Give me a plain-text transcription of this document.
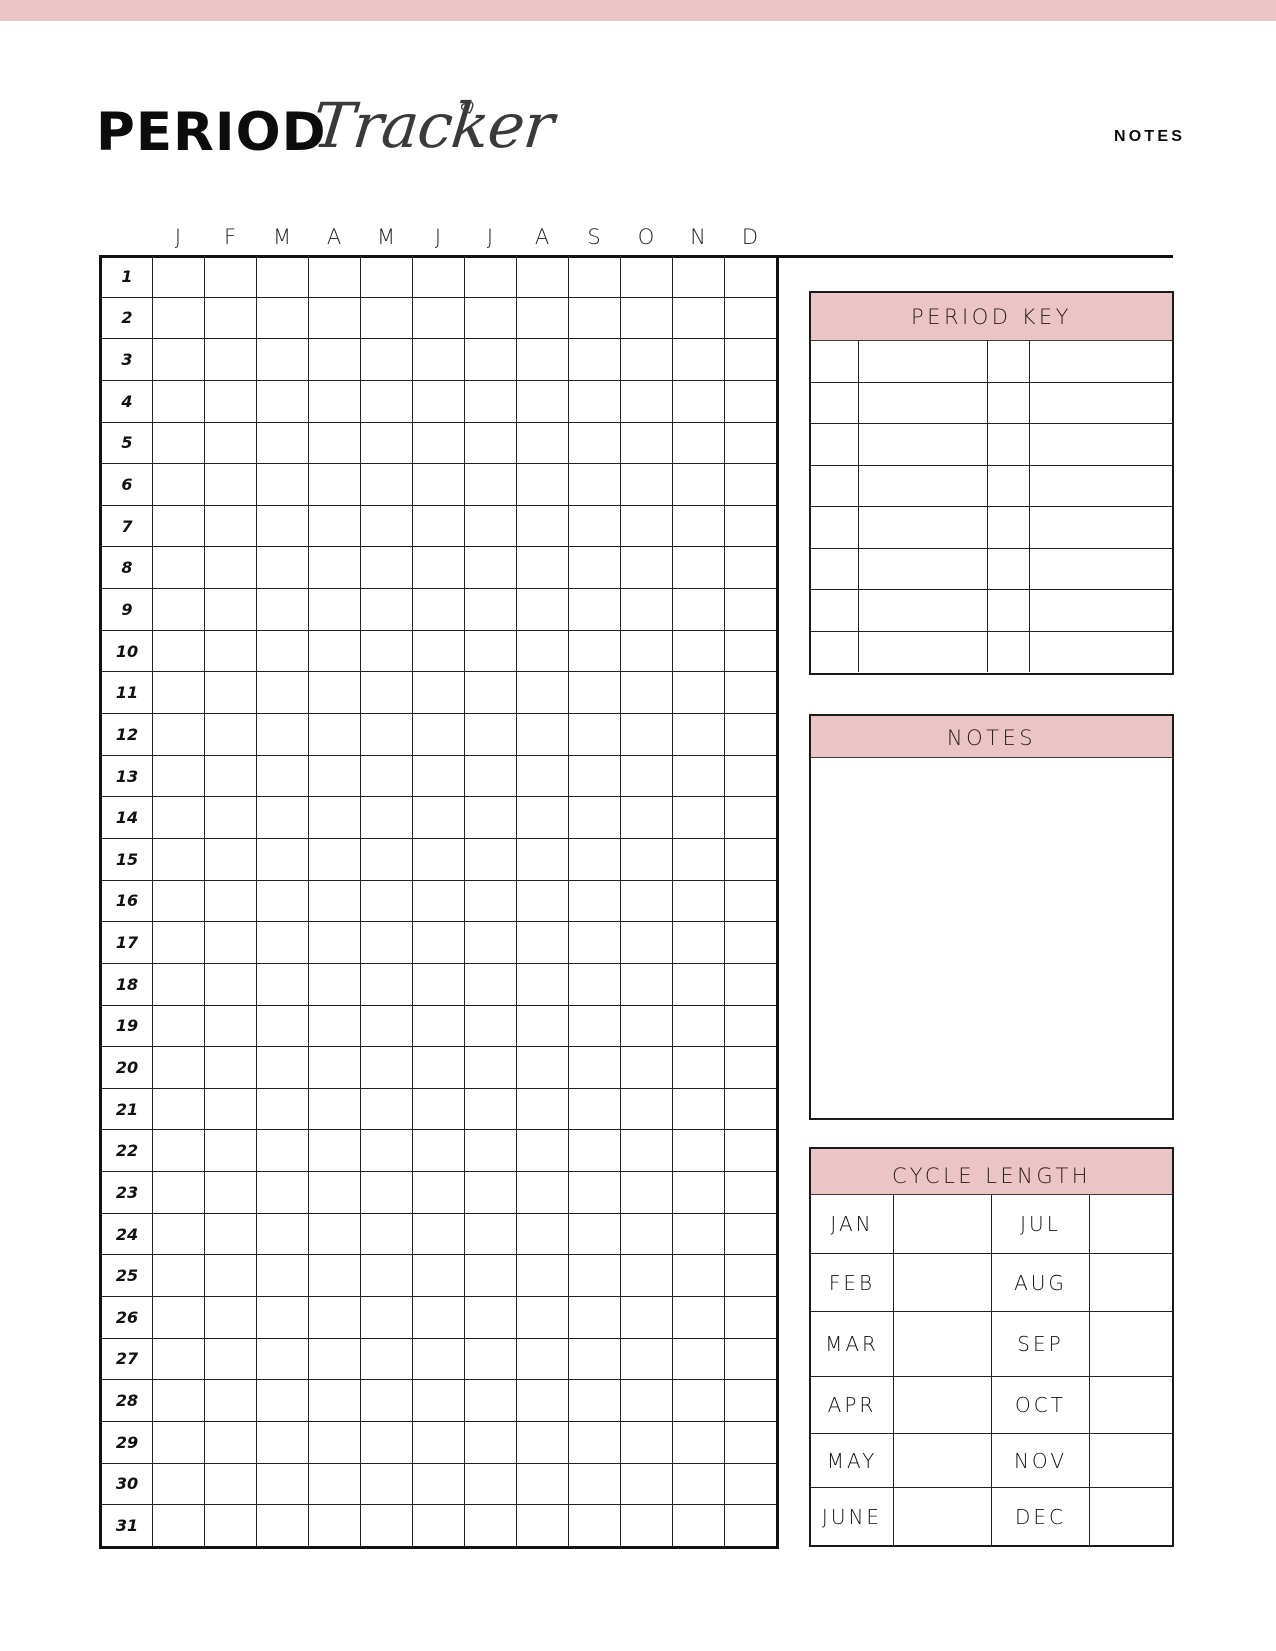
PERIOD
Tracker	NOTES
J	F	M	A	M	J	J	A	S	O	N	D
1												
2												
3												
4												
5												
6												
7												
8												
9												
10												
11												
12												
13												
14												
15												
16												
17												
18												
19												
20												
21												
22												
23												
24												
25												
26												
27												
28												
29												
30												
31												
PERIOD KEY

NOTES
CYCLE LENGTH
JAN		JUL	
FEB		AUG	
MAR		SEP	
APR		OCT	
MAY		NOV	
JUNE		DEC	
